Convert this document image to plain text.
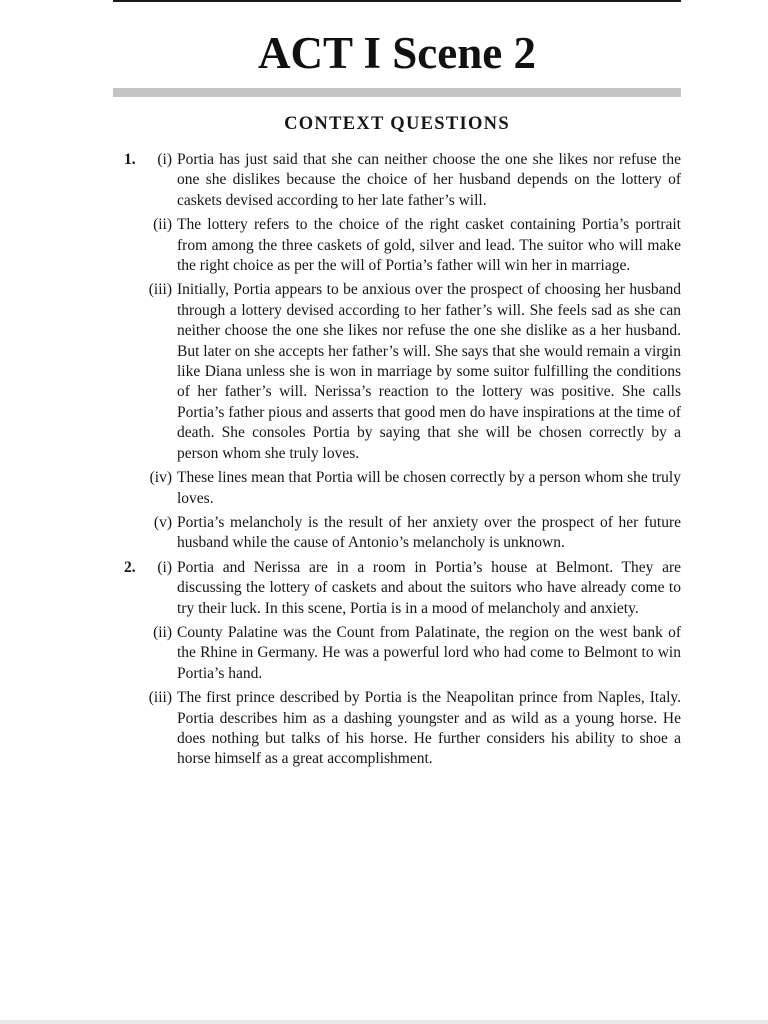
ACT I Scene 2
CONTEXT QUESTIONS
1. (i) Portia has just said that she can neither choose the one she likes nor refuse the one she dislikes because the choice of her husband depends on the lottery of caskets devised according to her late father’s will.
(ii) The lottery refers to the choice of the right casket containing Portia’s portrait from among the three caskets of gold, silver and lead. The suitor who will make the right choice as per the will of Portia’s father will win her in marriage.
(iii) Initially, Portia appears to be anxious over the prospect of choosing her husband through a lottery devised according to her father’s will. She feels sad as she can neither choose the one she likes nor refuse the one she dislike as a her husband. But later on she accepts her father’s will. She says that she would remain a virgin like Diana unless she is won in marriage by some suitor fulfilling the conditions of her father’s will. Nerissa’s reaction to the lottery was positive. She calls Portia’s father pious and asserts that good men do have inspirations at the time of death. She consoles Portia by saying that she will be chosen correctly by a person whom she truly loves.
(iv) These lines mean that Portia will be chosen correctly by a person whom she truly loves.
(v) Portia’s melancholy is the result of her anxiety over the prospect of her future husband while the cause of Antonio’s melancholy is unknown.
2. (i) Portia and Nerissa are in a room in Portia’s house at Belmont. They are discussing the lottery of caskets and about the suitors who have already come to try their luck. In this scene, Portia is in a mood of melancholy and anxiety.
(ii) County Palatine was the Count from Palatinate, the region on the west bank of the Rhine in Germany. He was a powerful lord who had come to Belmont to win Portia’s hand.
(iii) The first prince described by Portia is the Neapolitan prince from Naples, Italy. Portia describes him as a dashing youngster and as wild as a young horse. He does nothing but talks of his horse. He further considers his ability to shoe a horse himself as a great accomplishment.
